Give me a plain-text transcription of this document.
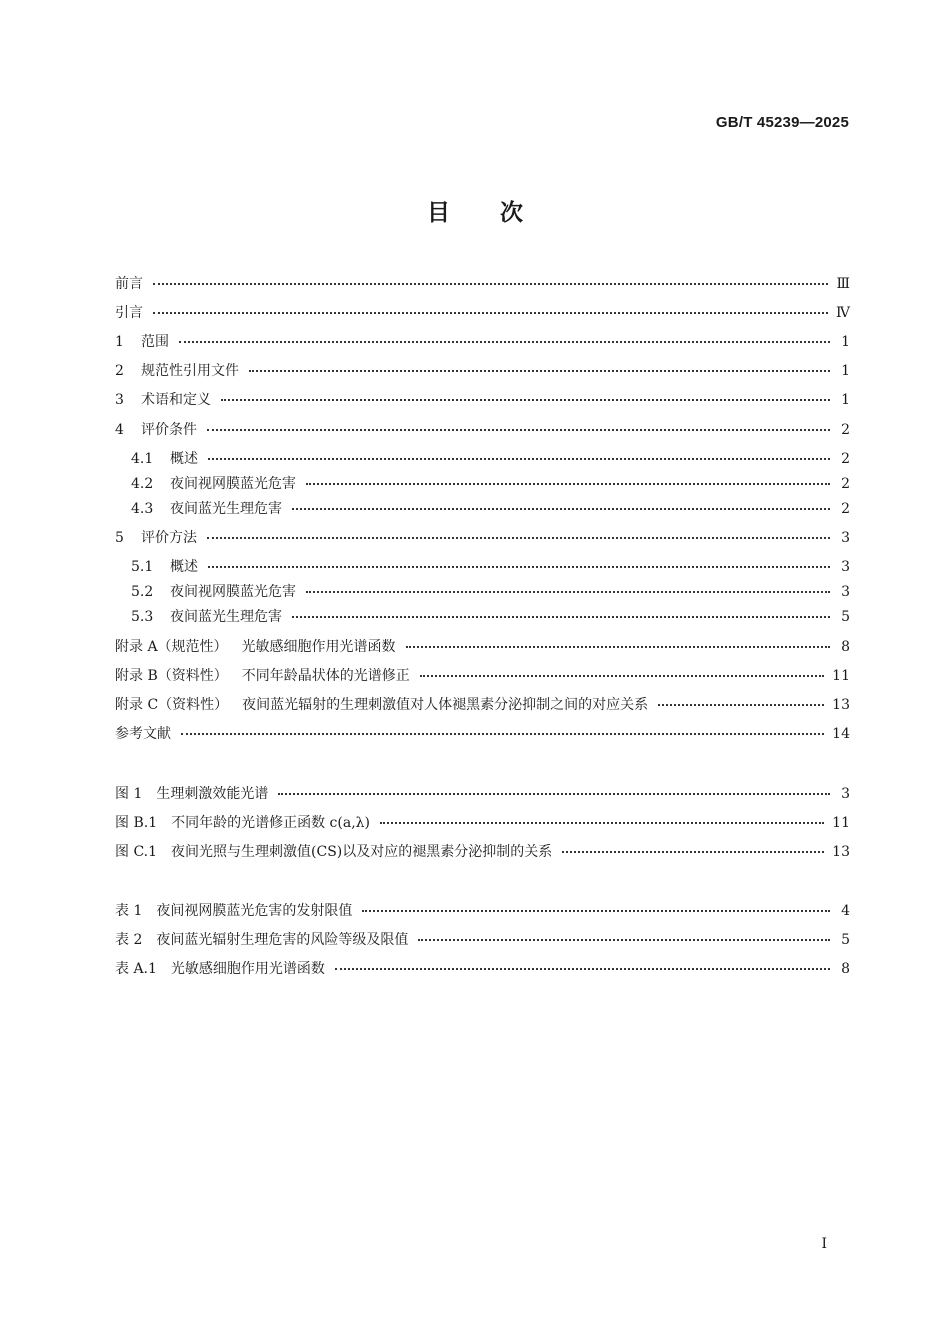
GB/T 45239—2025
目次
前言	Ⅲ
引言	Ⅳ
1	范围	1
2	规范性引用文件	1
3	术语和定义	1
4	评价条件	2
4.1	概述	2
4.2	夜间视网膜蓝光危害	2
4.3	夜间蓝光生理危害	2
5	评价方法	3
5.1	概述	3
5.2	夜间视网膜蓝光危害	3
5.3	夜间蓝光生理危害	5
附录 A（规范性） 光敏感细胞作用光谱函数	8
附录 B（资料性） 不同年龄晶状体的光谱修正	11
附录 C（资料性） 夜间蓝光辐射的生理刺激值对人体褪黑素分泌抑制之间的对应关系	13
参考文献	14
图 1 生理刺激效能光谱	3
图 B.1 不同年龄的光谱修正函数 c(a,λ)	11
图 C.1 夜间光照与生理刺激值(CS)以及对应的褪黑素分泌抑制的关系	13
表 1 夜间视网膜蓝光危害的发射限值	4
表 2 夜间蓝光辐射生理危害的风险等级及限值	5
表 A.1 光敏感细胞作用光谱函数	8
I
